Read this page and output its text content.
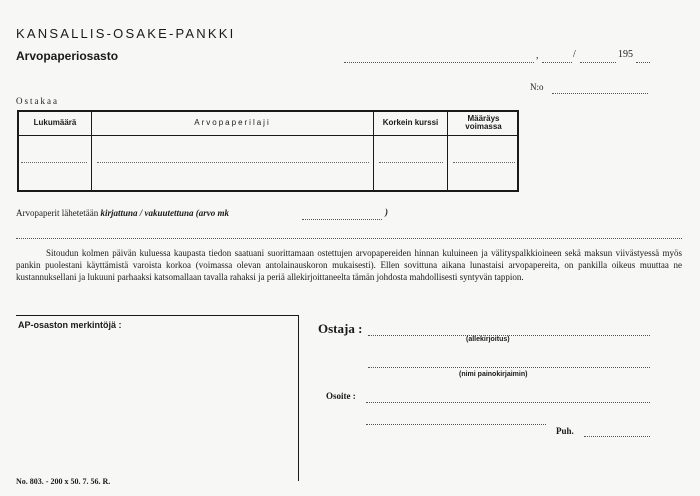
KANSALLIS-OSAKE-PANKKI
Arvopaperiosasto	,	/	195
N:o
Ostakaa
Lukumäärä	Arvopaperilaji	Korkein kurssi	Määräys
voimassa
Arvopaperit lähetetään kirjattuna / vakuutettuna (arvo mk	)
Sitoudun kolmen päivän kuluessa kaupasta tiedon saatuani suorittamaan ostettujen arvopapereiden hinnan kuluineen ja välityspalkkioineen sekä maksun viivästyessä myös pankin puolestani käyttämistä varoista korkoa (voimassa olevan antolainauskoron mukaisesti). Ellen sovittuna aikana lunastaisi arvopapereita, on pankilla oikeus muuttaa ne kustannuksellani ja lukuuni parhaaksi katsomallaan tavalla rahaksi ja periä allekirjoittaneelta tämän johdosta mahdollisesti syntyvän tappion.
AP-osaston merkintöjä :	Ostaja :
(allekirjoitus)
(nimi painokirjaimin)
Osoite :
Puh.
No. 803. - 200 x 50. 7. 56. R.
